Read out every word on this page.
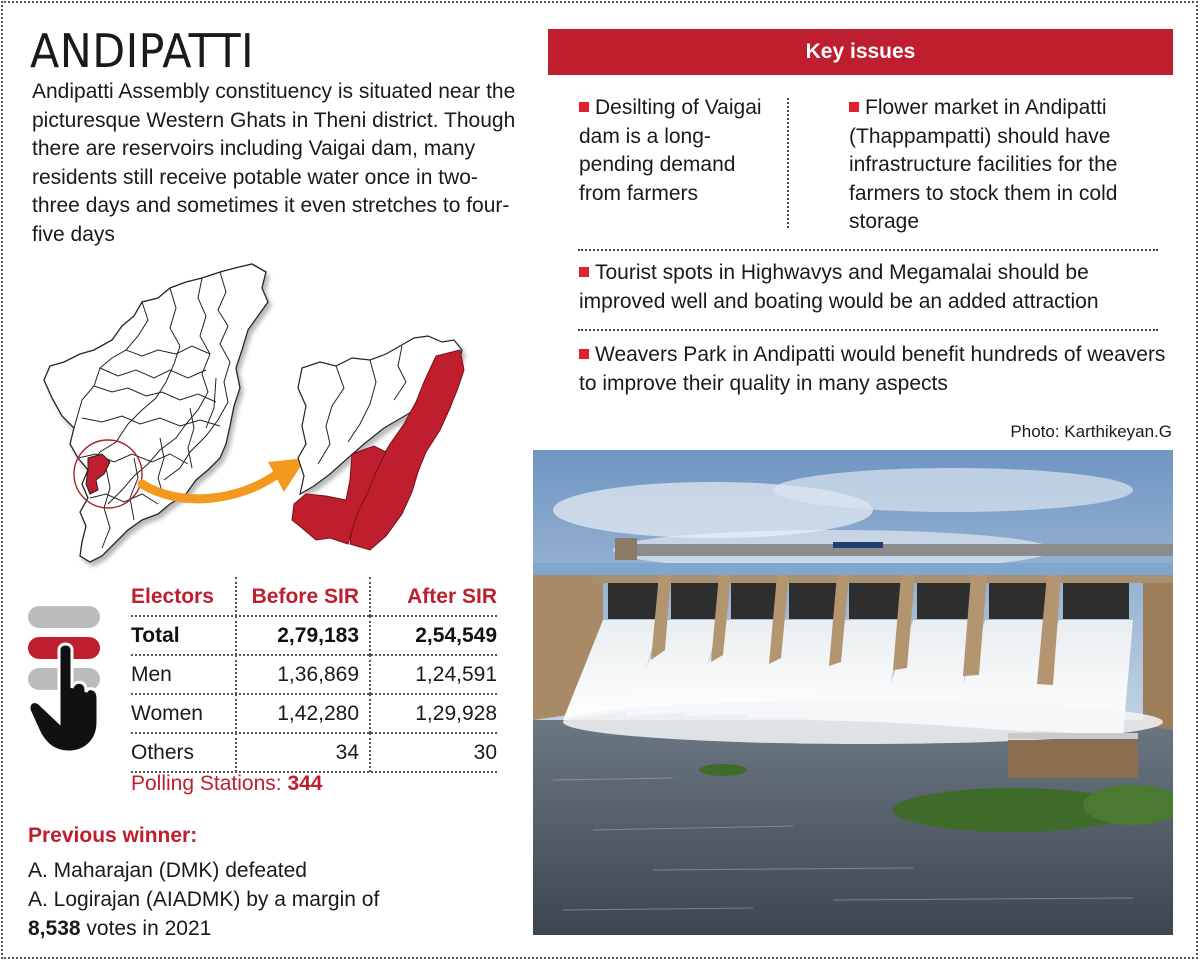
ANDIPATTI

Andipatti Assembly constituency is situated near the picturesque Western Ghats in Theni district. Though there are reservoirs including Vaigai dam, many residents still receive potable water once in two-three days and sometimes it even stretches to four-five days

Key issues
Desilting of Vaigai dam is a long-pending demand from farmers
Flower market in Andipatti (Thappampatti) should have infrastructure facilities for the farmers to stock them in cold storage
Tourist spots in Highwavys and Megamalai should be improved well and boating would be an added attraction
Weavers Park in Andipatti would benefit hundreds of weavers to improve their quality in many aspects
Photo: Karthikeyan.G
Electors	Before SIR	After SIR
Total	2,79,183	2,54,549
Men	1,36,869	1,24,591
Women	1,42,280	1,29,928
Others	34	30
Polling Stations: 344
Previous winner:
A. Maharajan (DMK) defeated
A. Logirajan (AIADMK) by a margin of
8,538 votes in 2021
